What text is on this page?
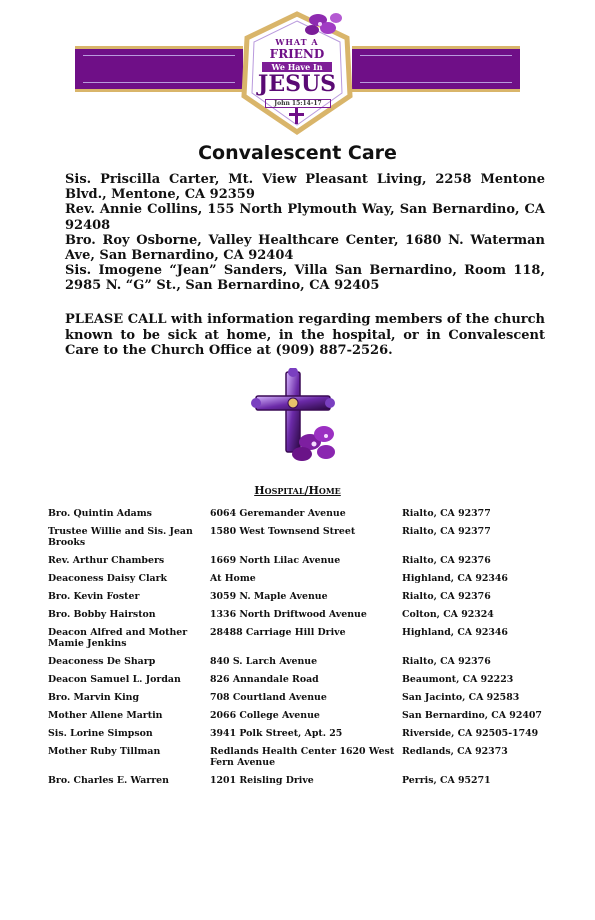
WHAT A
FRIEND
We Have In
JESUS
John 15:14-17
Convalescent Care
Sis. Priscilla Carter, Mt. View Pleasant Living, 2258 Mentone Blvd., Mentone, CA 92359
Rev. Annie Collins, 155 North Plymouth Way, San Bernardino, CA 92408
Bro. Roy Osborne, Valley Healthcare Center, 1680 N. Waterman Ave, San Bernardino, CA 92404
Sis. Imogene “Jean” Sanders, Villa San Bernardino, Room 118, 2985 N. “G” St., San Bernardino, CA 92405

PLEASE CALL with information regarding members of the church known to be sick at home, in the hospital, or in Convalescent Care to the Church Office at (909) 887-2526.

Hospital/Home
Bro. Quintin Adams	6064 Geremander Avenue	Rialto, CA 92377
Trustee Willie and Sis. Jean Brooks	1580 West Townsend Street	Rialto, CA 92377
Rev. Arthur Chambers	1669 North Lilac Avenue	Rialto, CA 92376
Deaconess Daisy Clark	At Home	Highland, CA 92346
Bro. Kevin Foster	3059 N. Maple Avenue	Rialto, CA 92376
Bro. Bobby Hairston	1336 North Driftwood Avenue	Colton, CA 92324
Deacon Alfred and Mother Mamie Jenkins	28488 Carriage Hill Drive	Highland, CA 92346
Deaconess De Sharp	840 S. Larch Avenue	Rialto, CA 92376
Deacon Samuel L. Jordan	826 Annandale Road	Beaumont, CA 92223
Bro. Marvin King	708 Courtland Avenue	San Jacinto, CA 92583
Mother Allene Martin	2066 College Avenue	San Bernardino, CA 92407
Sis. Lorine Simpson	3941 Polk Street, Apt. 25	Riverside, CA 92505-1749
Mother Ruby Tillman	Redlands Health Center 1620 West Fern Avenue	Redlands, CA 92373
Bro. Charles E. Warren	1201 Reisling Drive	Perris, CA 95271
